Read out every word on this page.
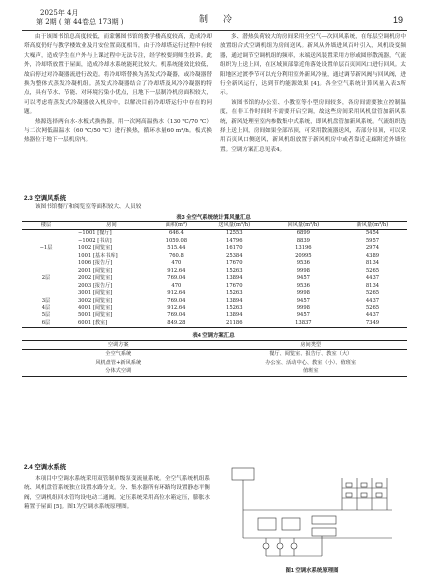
2025年 4月
第 2期 ( 第 44卷总 173期 )	制　冷	19

由于该图书馆总高度较低，而蒙馨图书馆的教学楼高度较高，造成冷却塔高度仍好与教学楼效业及月安位置高度相当，由于冷却塔运行过程中有较大噪声，造成学生在户外与上课过程中无法专注，经学校要到师生投诉。此外，冷却塔放置于屋面，造成冷却水系统能耗比较大。机系统能效比较低，故启停过对冷凝器流进行改造。将冷却塔替换为蒸发式冷凝器，或冷凝器替换为整体式蒸发冷凝机组。蒸发式冷凝器结合了冷却塔及风冷冷凝器的特点，具有节水、节能、对环境污染小优点，且地下一层制冷机房面积较大，可以考虑将蒸发式冷凝器放入机房中，以解决目前冷却塔运行中存在的问题。

热源选择两台水-水板式换热器，用一次网高温热水（130 ℃/70 ℃）与二次网低温温水（60 ℃/50 ℃）进行换热，循环水量60 m³/h。板式换热器位于地下一层机房内。

2.3 空调风系统

该图书馆餐厅和阅览室等面积较大、人员较

多、潜热负荷较大的房间采用全空气—次回风系统，在每层空调机房中放置组合式空调机组为房间送风。新风从外墙进风百叶引入，风机设变频器，通过调节空调机组的频率，末端送风装置采用方形或圆形散流器，气流组织为上送上回，在区域顶部靠近角落处设置单层百页回风口进行回风。太阳地区过渡季节可以充分利用室外新风冷量，通过调节新风阀与回风阀，进行全新风运行，达到节约能源效果 [4]。各全空气系统计算风量入表3所示。

该图书馆的办公室、小教室等小型房间较多，各房间需要独立控制温度，在非工作时间时不需要开启空调，故这些房间采用风机盘管加新风系统，新风处理至室内参数集中式系统，即风机盘管加新风系统。气流组织选择上送上回，房间如果全部吊顶，可采用散流器送风，若部分吊顶，可以采用百页风口侧送风，新风机组放置于新风机房中或者靠近走廊附近外墙位置。空调方案汇总见表4。

表3 全空气系统统计算风量汇总
楼层	房间	面积(m²)	送风量(m³/h)	回风量(m³/h)	新风量(m³/h)
	−1001 [餐厅]	646.4	12553	6899	5454
	−1002 [书店]	1059.08	14796	8839	5957
−1层	1002 [阅览室]	515.44	16170	13196	2974
	1001 [基本书库]	760.8	25384	20995	4389
	1006 [报告厅]	470	17670	9536	8134
	2001 [阅览室]	912.64	15263	9998	5265
2层	2002 [阅览室]	769.04	13894	9457	4437
	2003 [报告厅]	470	17670	9536	8134
	3001 [阅览室]	912.64	15263	9998	5265
3层	3002 [阅览室]	769.04	13894	9457	4437
4层	4001 [阅览室]	912.64	15263	9998	5265
5层	5001 [阅览室]	769.04	13894	9457	4437
6层	6001 [教室]	849.28	21186	13837	7349
表4 空调方案汇总
空调方案	房间类型
全空气系统	餐厅、阅览室、报告厅、教室（大）
风机盘管+新风系统	办公室、活动中心、教室（小）、值班室
分体式空调	值班室
2.4 空调水系统

本项目中空调水系统采用双管制单级泵变流量系统。全空气系统机组系统、风机盘管系统独立设置水路分支。分、集水器所有环路均设置静态平衡阀，空调机组回水管均设电动二通阀。定压系统采用高位水箱定压，膨胀水箱置于屋面 [5]。图1为空调水系统原理图。

图1 空调水系统原理图
